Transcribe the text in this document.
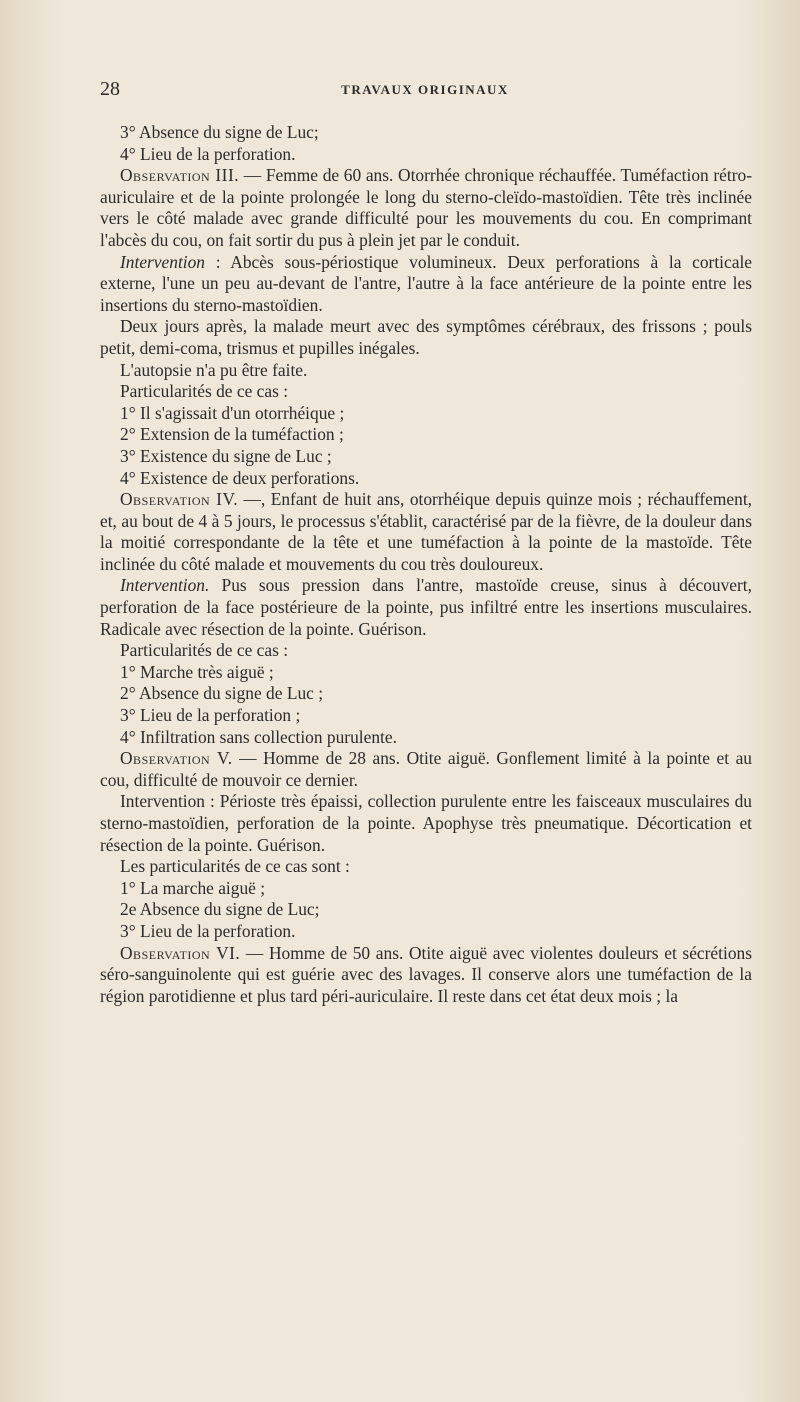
28	TRAVAUX ORIGINAUX

3° Absence du signe de Luc;

4° Lieu de la perforation.

Observation III. — Femme de 60 ans. Otorrhée chronique réchauffée. Tuméfaction rétro-auriculaire et de la pointe prolongée le long du sterno-cleïdo-mastoïdien. Tête très inclinée vers le côté malade avec grande difficulté pour les mouvements du cou. En comprimant l'abcès du cou, on fait sortir du pus à plein jet par le conduit.

Intervention : Abcès sous-périostique volumineux. Deux perforations à la corticale externe, l'une un peu au-devant de l'antre, l'autre à la face antérieure de la pointe entre les insertions du sterno-mastoïdien.

Deux jours après, la malade meurt avec des symptômes cérébraux, des frissons ; pouls petit, demi-coma, trismus et pupilles inégales.

L'autopsie n'a pu être faite.

Particularités de ce cas :

1° Il s'agissait d'un otorrhéique ;

2° Extension de la tuméfaction ;

3° Existence du signe de Luc ;

4° Existence de deux perforations.

Observation IV. —, Enfant de huit ans, otorrhéique depuis quinze mois ; réchauffement, et, au bout de 4 à 5 jours, le processus s'établit, caractérisé par de la fièvre, de la douleur dans la moitié correspondante de la tête et une tuméfaction à la pointe de la mastoïde. Tête inclinée du côté malade et mouvements du cou très douloureux.

Intervention. Pus sous pression dans l'antre, mastoïde creuse, sinus à découvert, perforation de la face postérieure de la pointe, pus infiltré entre les insertions musculaires. Radicale avec résection de la pointe. Guérison.

Particularités de ce cas :

1° Marche très aiguë ;

2° Absence du signe de Luc ;

3° Lieu de la perforation ;

4° Infiltration sans collection purulente.

Observation V. — Homme de 28 ans. Otite aiguë. Gonflement limité à la pointe et au cou, difficulté de mouvoir ce dernier.

Intervention : Périoste très épaissi, collection purulente entre les faisceaux musculaires du sterno-mastoïdien, perforation de la pointe. Apophyse très pneumatique. Décortication et résection de la pointe. Guérison.

Les particularités de ce cas sont :

1° La marche aiguë ;

2e Absence du signe de Luc;

3° Lieu de la perforation.

Observation VI. — Homme de 50 ans. Otite aiguë avec violentes douleurs et sécrétions séro-sanguinolente qui est guérie avec des lavages. Il conserve alors une tuméfaction de la région parotidienne et plus tard péri-auriculaire. Il reste dans cet état deux mois ; la
